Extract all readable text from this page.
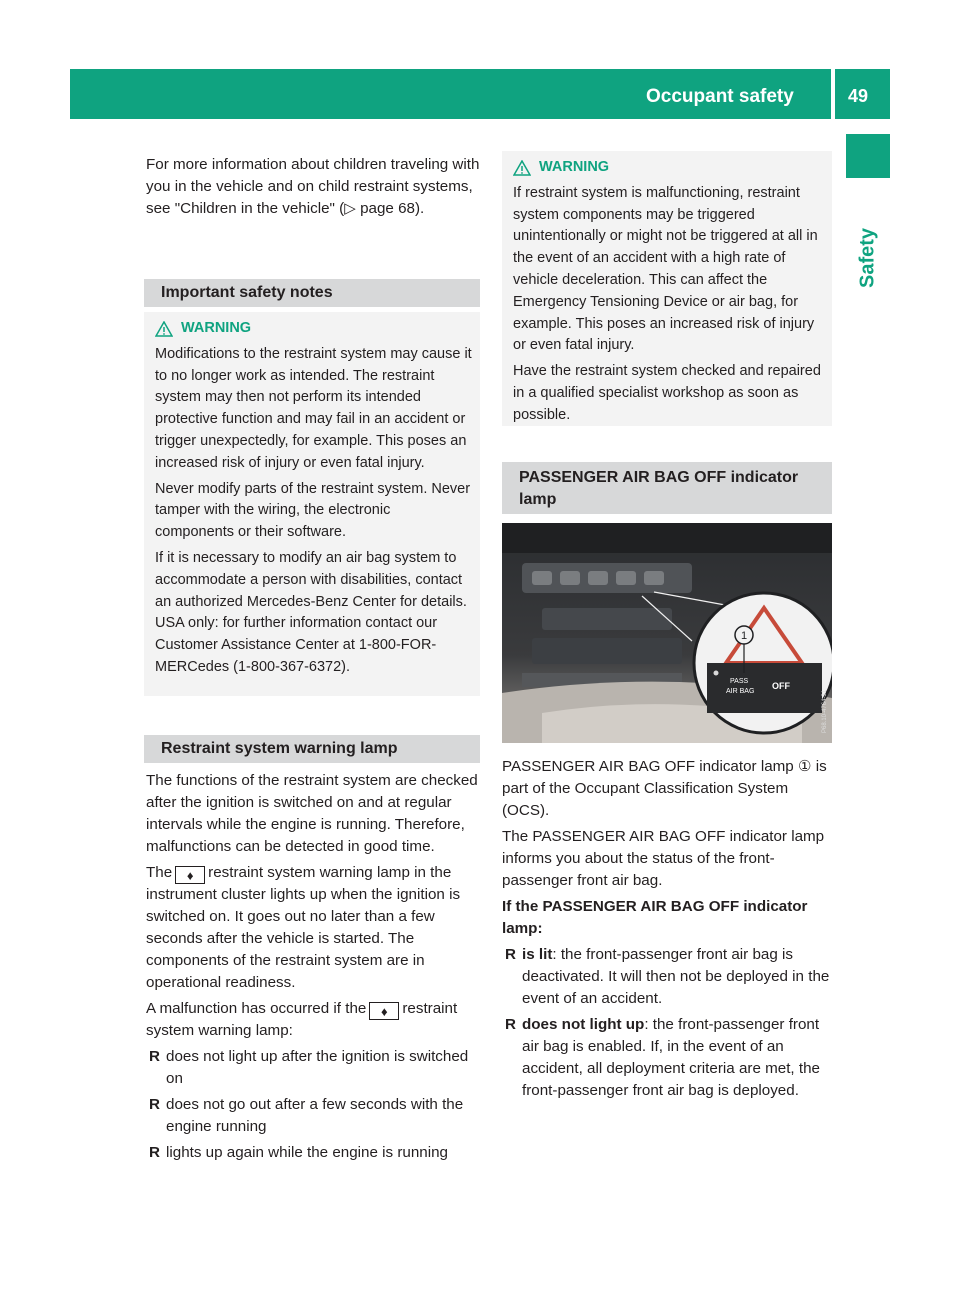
Occupant safety	49
Safety

For more information about children traveling with you in the vehicle and on child restraint systems, see "Children in the vehicle" (▷ page 68).

Important safety notes
WARNING

Modifications to the restraint system may cause it to no longer work as intended. The restraint system may then not perform its intended protective function and may fail in an accident or trigger unexpectedly, for example. This poses an increased risk of injury or even fatal injury.

Never modify parts of the restraint system. Never tamper with the wiring, the electronic components or their software.

If it is necessary to modify an air bag system to accommodate a person with disabilities, contact an authorized Mercedes-Benz Center for details. USA only: for further information contact our Customer Assistance Center at 1-800-FOR-MERCedes (1-800-367-6372).

Restraint system warning lamp

The functions of the restraint system are checked after the ignition is switched on and at regular intervals while the engine is running. Therefore, malfunctions can be detected in good time.

The ♦ restraint system warning lamp in the instrument cluster lights up when the ignition is switched on. It goes out no later than a few seconds after the vehicle is started. The components of the restraint system are in operational readiness.

A malfunction has occurred if the ♦ restraint system warning lamp:

R does not light up after the ignition is switched on

R does not go out after a few seconds with the engine running

R lights up again while the engine is running

WARNING

If restraint system is malfunctioning, restraint system components may be triggered unintentionally or might not be triggered at all in the event of an accident with a high rate of vehicle deceleration. This can affect the Emergency Tensioning Device or air bag, for example. This poses an increased risk of injury or even fatal injury.

Have the restraint system checked and repaired in a qualified specialist workshop as soon as possible.

PASSENGER AIR BAG OFF indicator lamp
PASS
AIR BAG
OFF
1
P68.10-4764-31

PASSENGER AIR BAG OFF indicator lamp ① is part of the Occupant Classification System (OCS).

The PASSENGER AIR BAG OFF indicator lamp informs you about the status of the front-passenger front air bag.

If the PASSENGER AIR BAG OFF indicator lamp:

R is lit: the front-passenger front air bag is deactivated. It will then not be deployed in the event of an accident.

R does not light up: the front-passenger front air bag is enabled. If, in the event of an accident, all deployment criteria are met, the front-passenger front air bag is deployed.
